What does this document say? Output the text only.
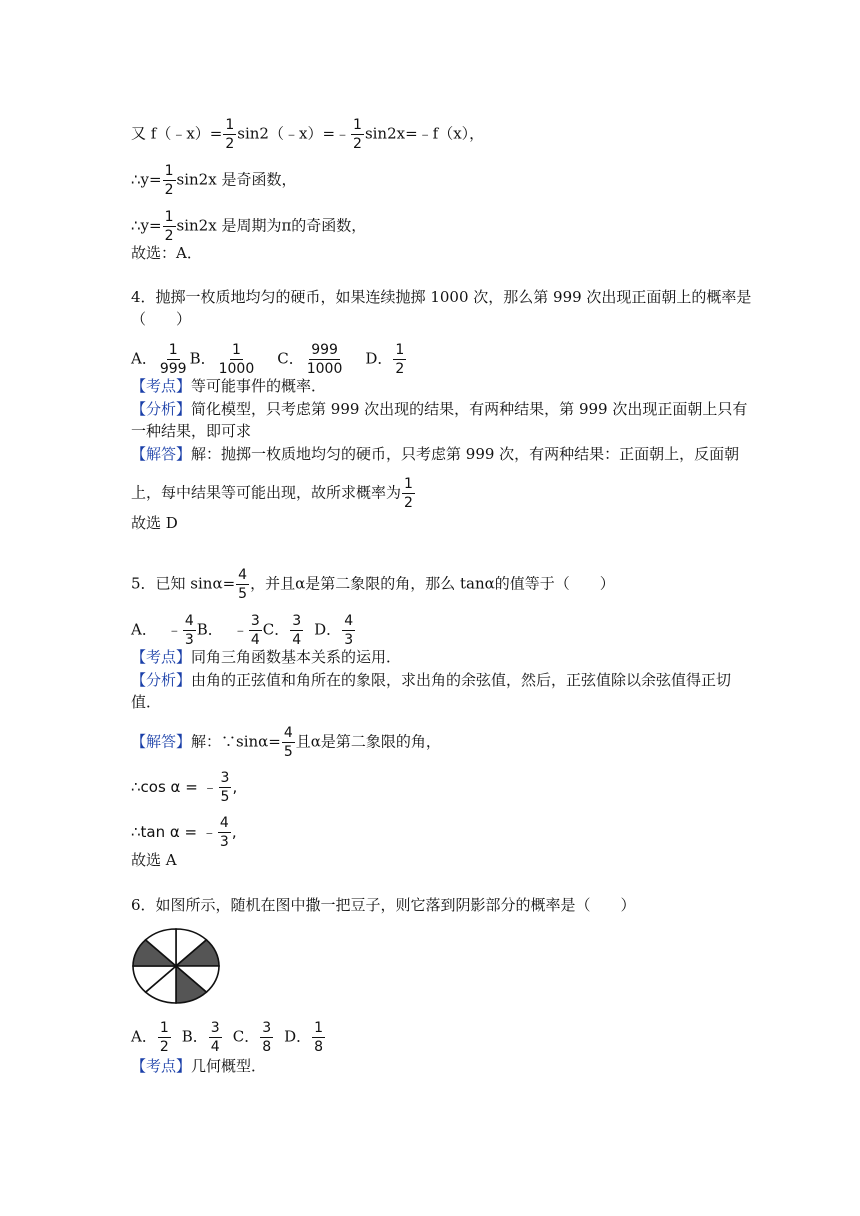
又 f（﹣x）= $\frac{1}{2}$ sin2（﹣x）=﹣ $\frac{1}{2}$ sin2x=﹣f（x），
∴y= $\frac{1}{2} \sin 2x$ 是奇函数，
∴y= $\frac{1}{2} \sin 2x$ 是周期为π的奇函数，
故选：A．
4．抛掷一枚质地均匀的硬币，如果连续抛掷 1000 次，那么第 999 次出现正面朝上的概率是
（　　）
A． $\frac{1}{999}$ B． $\frac{1}{1000}$ C． $\frac{999}{1000}$ D． $\frac{1}{2}$
【考点】等可能事件的概率．
【分析】简化模型，只考虑第 999 次出现的结果，有两种结果，第 999 次出现正面朝上只有
一种结果，即可求
【解答】解：抛掷一枚质地均匀的硬币，只考虑第 999 次，有两种结果：正面朝上，反面朝
上，每中结果等可能出现，故所求概率为 $\frac{1}{2}$
故选 D
5．已知 $\sin\alpha= \frac{4}{5}$ ，并且α是第二象限的角，那么 tanα的值等于（　　）
A． ﹣ $\frac{4}{3}$ B． ﹣ $\frac{3}{4}$ C． $\frac{3}{4}$ D． $\frac{4}{3}$
【考点】同角三角函数基本关系的运用．
【分析】由角的正弦值和角所在的象限，求出角的余弦值，然后，正弦值除以余弦值得正切
值．
【解答】解：∵sinα= $\frac{4}{5}$ 且α是第二象限的角，
∴cos α = ﹣ $\frac{3}{5}$ ,
∴tan α = ﹣ $\frac{4}{3}$ ,
故选 A
6．如图所示，随机在图中撒一把豆子，则它落到阴影部分的概率是（　　）
A． $\frac{1}{2}$ B． $\frac{3}{4}$ C． $\frac{3}{8}$ D． $\frac{1}{8}$
【考点】几何概型．
